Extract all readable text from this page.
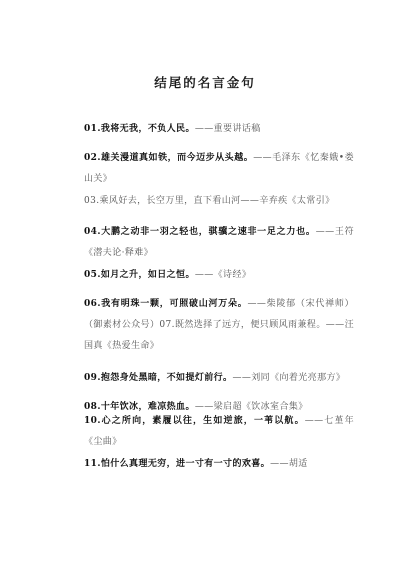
结尾的名言金句
01.我将无我，不负人民。——重要讲话稿
02.雄关漫道真如铁，而今迈步从头越。——毛泽东《忆秦娥•娄山关》
03.乘风好去，长空万里，直下看山河——辛弃疾《太常引》
04.大鹏之动非一羽之轻也，骐骥之速非一足之力也。——王符《潜夫论·释难》
05.如月之升，如日之恒。——《诗经》
06.我有明珠一颗，可照破山河万朵。——柴陵郁（宋代禅师）（御素材公众号）07.既然选择了远方，便只顾风雨兼程。——汪国真《热爱生命》
08.十年饮冰，难凉热血。——梁启超《饮冰室合集》
09.抱怨身处黑暗，不如提灯前行。——刘同《向着光亮那方》
10.心之所向，素履以往，生如逆旅，一苇以航。——七堇年《尘曲》
11.怕什么真理无穷，进一寸有一寸的欢喜。——胡适
